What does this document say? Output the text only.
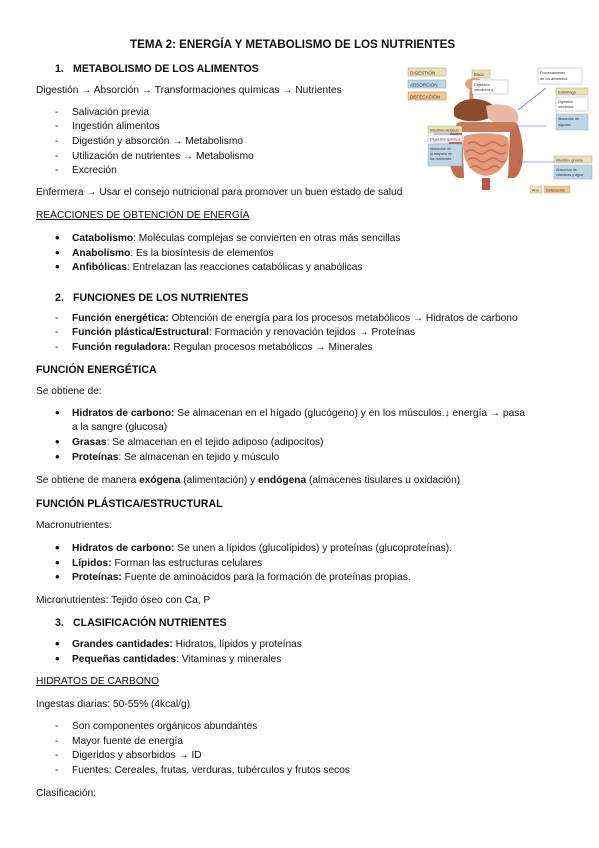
TEMA 2: ENERGÍA Y METABOLISMO DE LOS NUTRIENTES
1. METABOLISMO DE LOS ALIMENTOS
Digestión → Absorción → Transformaciones químicas → Nutrientes
- Salivación previa
- Ingestión alimentos
- Digestión y absorción → Metabolismo
- Utilización de nutrientes → Metabolismo
- Excreción
Enfermera → Usar el consejo nutricional para promover un buen estado de salud
REACCIONES DE OBTENCIÓN DE ENERGÍA
• Catabolismo: Moléculas complejas se convierten en otras más sencillas
• Anabolismo: Es la biosíntesis de elementos
• Anfibólicas: Entrelazan las reacciones catabólicas y anabólicas
DIGESTIÓN
ABSORCIÓN
DEFECACIÓN
Boca
Digestión
mecánica y
Procesamiento
de los alimentos
Estómago
Digestión
mecánica
Absorción de
algunas
Intestino delgado
Digestión química
Absorción de
la mayoría de
los nutrientes	Intestino grueso
Absorción de
vitaminas y agua
Ano Defecación
2. FUNCIONES DE LOS NUTRIENTES
- Función energética: Obtención de energía para los procesos metabólicos → Hidratos de carbono
- Función plástica/Estructural: Formación y renovación tejidos → Proteínas
- Función reguladora: Regulan procesos metabólicos → Minerales
FUNCIÓN ENERGÉTICA
Se obtiene de:
• Hidratos de carbono: Se almacenan en el hígado (glucógeno) y en los músculos.↓ energía → pasa
a la sangre (glucosa)
• Grasas: Se almacenan en el tejido adiposo (adipocitos)
• Proteínas: Se almacenan en tejido y músculo
Se obtiene de manera exógena (alimentación) y endógena (almacenes tisulares u oxidación)
FUNCIÓN PLÁSTICA/ESTRUCTURAL
Macronutrientes:
• Hidratos de carbono: Se unen a lípidos (glucolípidos) y proteínas (glucoproteínas).
• Lípidos: Forman las estructuras celulares
• Proteínas: Fuente de aminoácidos para la formación de proteínas propias.
Micronutrientes: Tejido óseo con Ca, P
3. CLASIFICACIÓN NUTRIENTES
• Grandes cantidades: Hidratos, lípidos y proteínas
• Pequeñas cantidades: Vitaminas y minerales
HIDRATOS DE CARBONO
Ingestas diarias: 50-55% (4kcal/g)
- Son componentes orgánicos abundantes
- Mayor fuente de energía
- Digeridos y absorbidos → ID
- Fuentes: Cereales, frutas, verduras, tubérculos y frutos secos
Clasificación:
